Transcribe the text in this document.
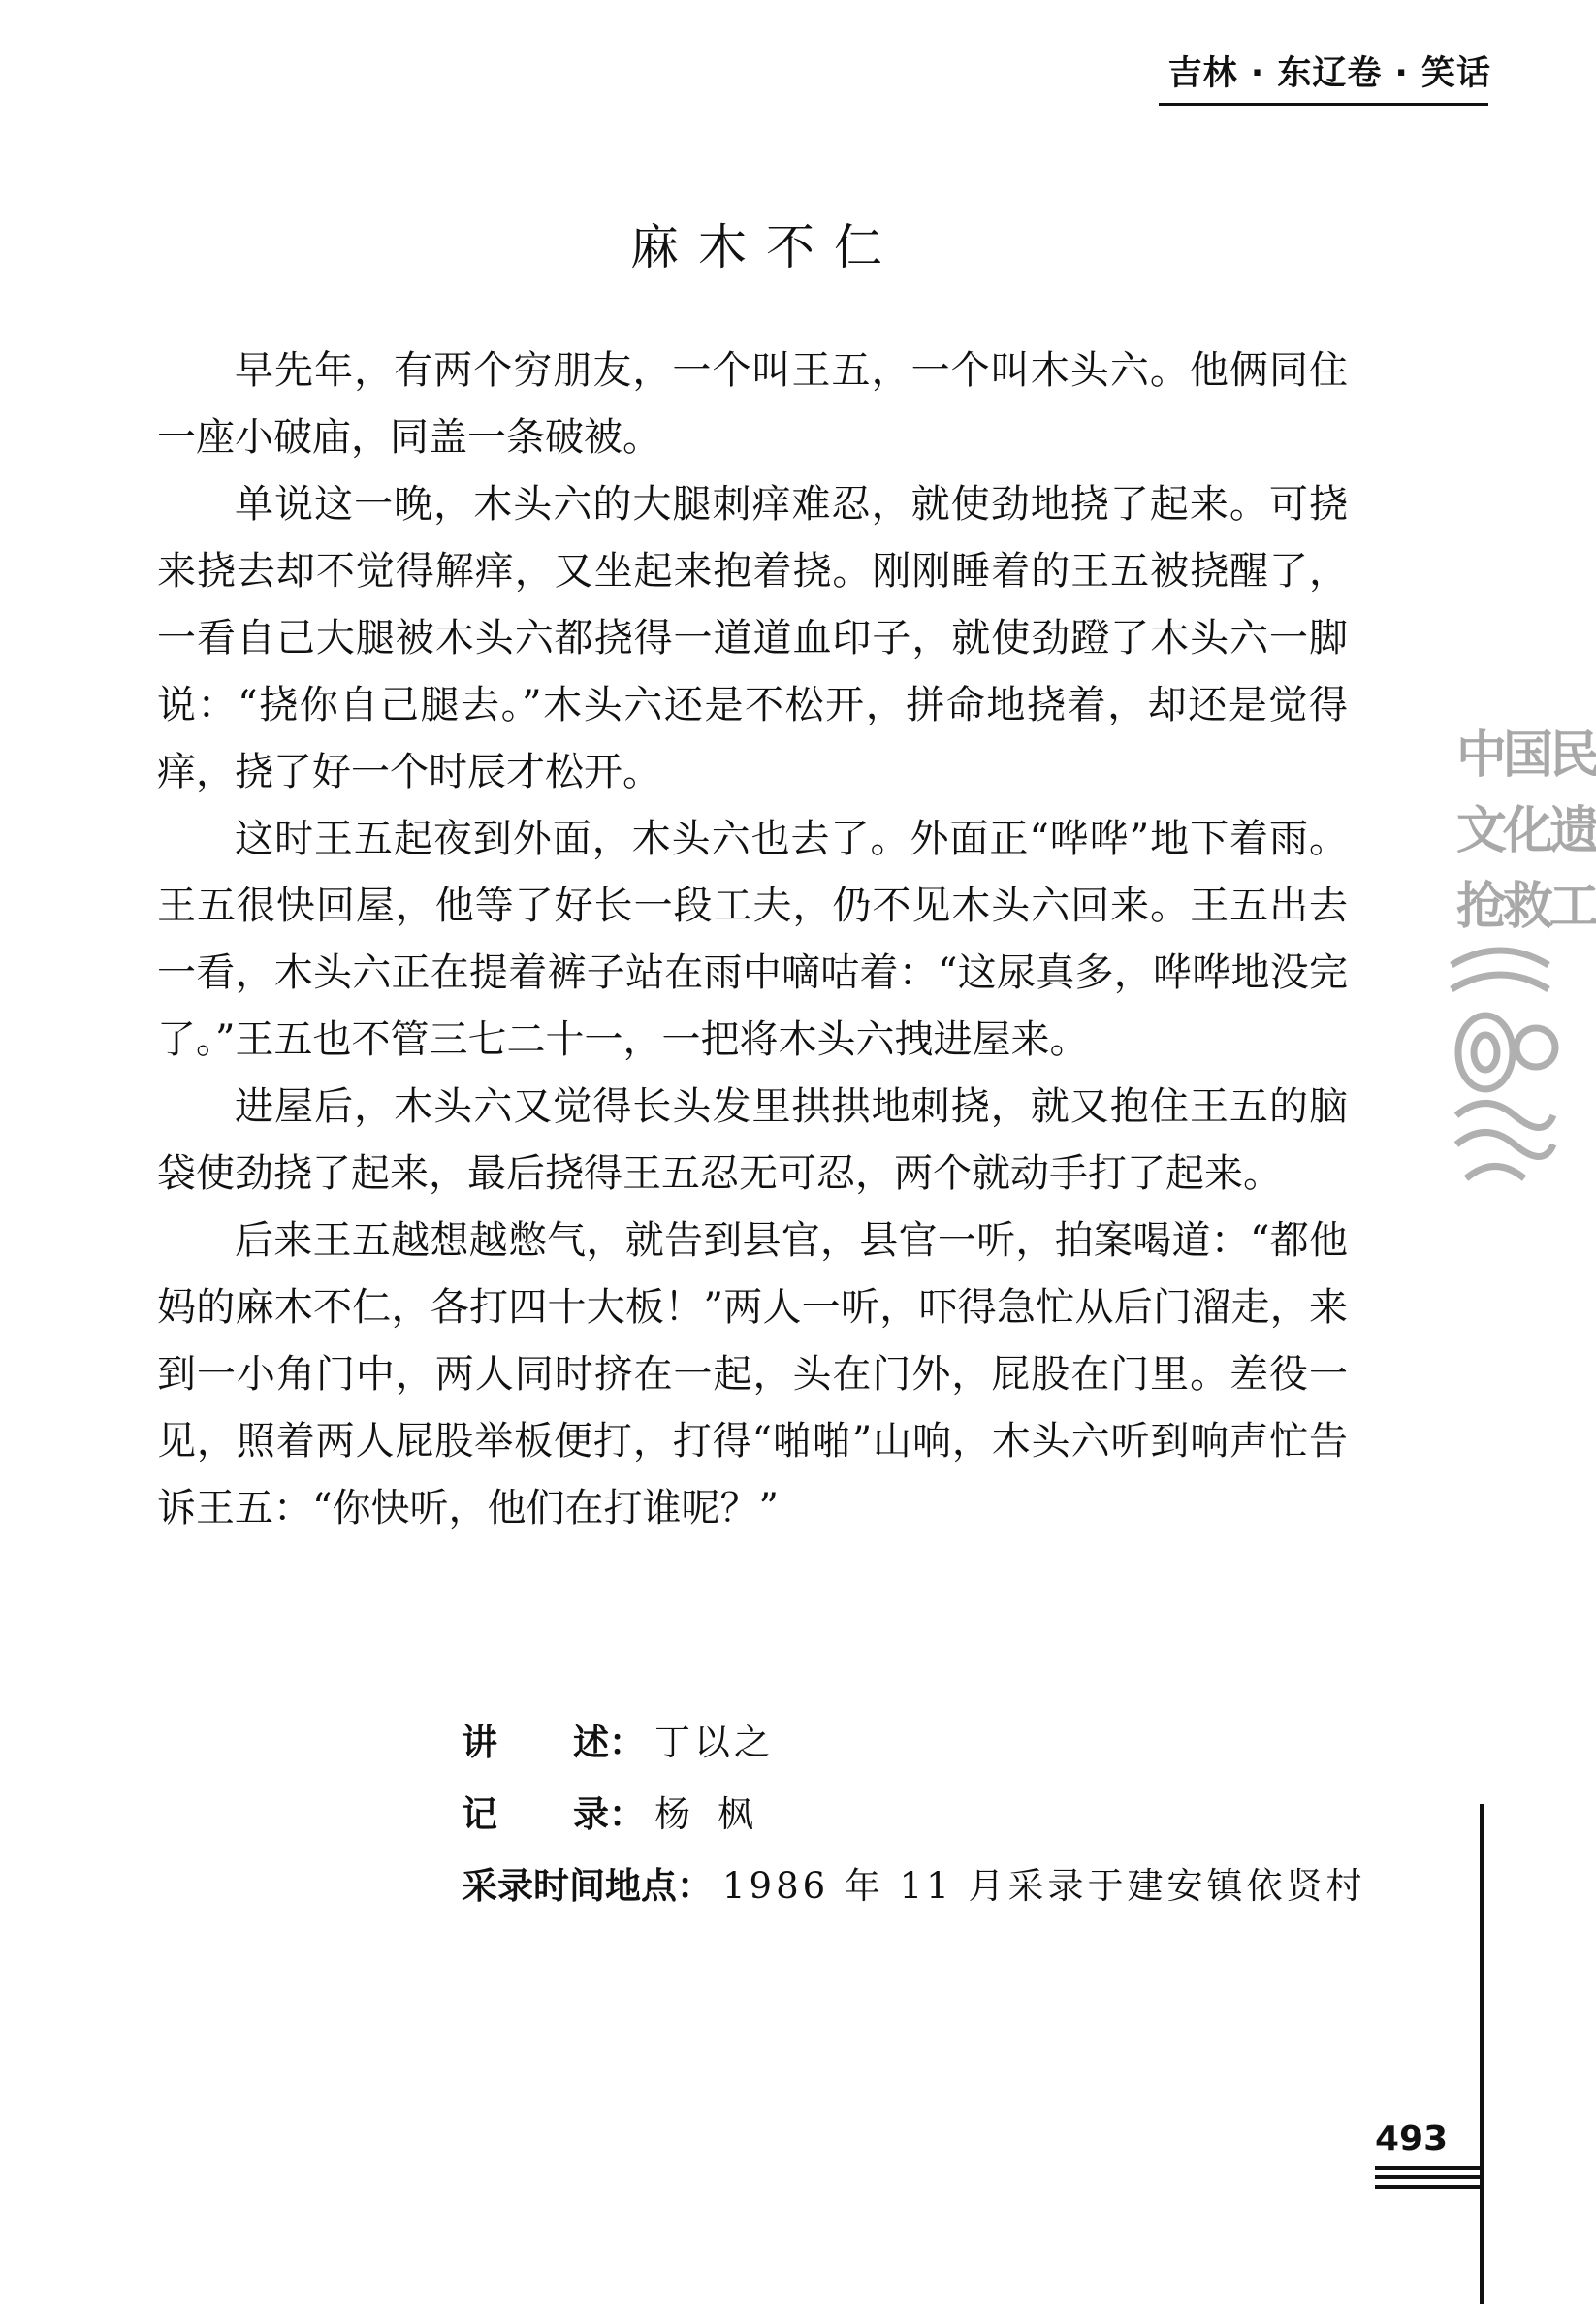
吉林 · 东辽卷 · 笑话
麻木不仁

早先年，有两个穷朋友，一个叫王五，一个叫木头六。他俩同住一座小破庙，同盖一条破被。

单说这一晚，木头六的大腿刺痒难忍，就使劲地挠了起来。可挠来挠去却不觉得解痒，又坐起来抱着挠。刚刚睡着的王五被挠醒了，一看自己大腿被木头六都挠得一道道血印子，就使劲蹬了木头六一脚说：“挠你自己腿去。”木头六还是不松开，拼命地挠着，却还是觉得痒，挠了好一个时辰才松开。

这时王五起夜到外面，木头六也去了。外面正“哗哗”地下着雨。王五很快回屋，他等了好长一段工夫，仍不见木头六回来。王五出去一看，木头六正在提着裤子站在雨中嘀咕着：“这尿真多，哗哗地没完了。”王五也不管三七二十一，一把将木头六拽进屋来。

进屋后，木头六又觉得长头发里拱拱地刺挠，就又抱住王五的脑袋使劲挠了起来，最后挠得王五忍无可忍，两个就动手打了起来。

后来王五越想越憋气，就告到县官，县官一听，拍案喝道：“都他妈的麻木不仁，各打四十大板！”两人一听，吓得急忙从后门溜走，来到一小角门中，两人同时挤在一起，头在门外，屁股在门里。差役一见，照着两人屁股举板便打，打得“啪啪”山响，木头六听到响声忙告诉王五：“你快听，他们在打谁呢？”

讲述 ： 丁以之
记录 ： 杨枫
采录时间地点 ： 1986 年 11 月采录于建安镇依贤村
中国民
文化遗
抢救工
493
